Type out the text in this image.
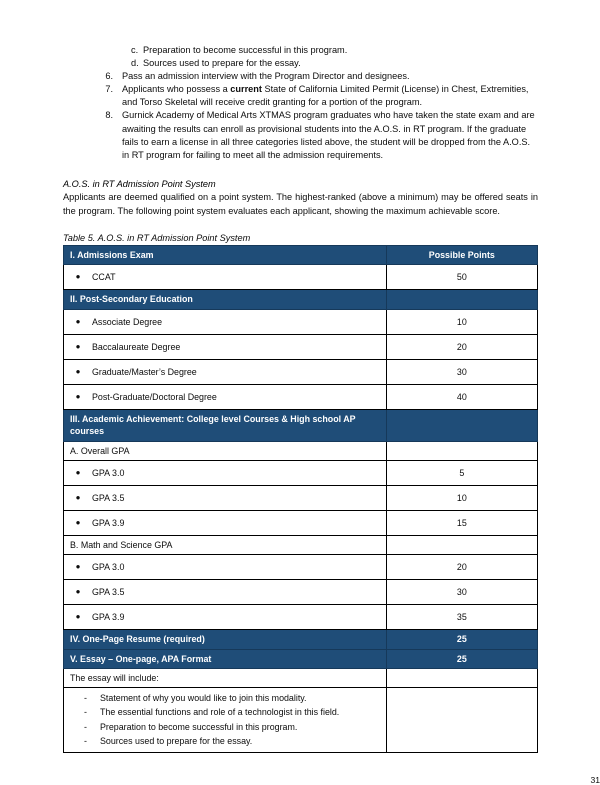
c. Preparation to become successful in this program.
d. Sources used to prepare for the essay.
6. Pass an admission interview with the Program Director and designees.
7. Applicants who possess a current State of California Limited Permit (License) in Chest, Extremities, and Torso Skeletal will receive credit granting for a portion of the program.
8. Gurnick Academy of Medical Arts XTMAS program graduates who have taken the state exam and are awaiting the results can enroll as provisional students into the A.O.S. in RT program. If the graduate fails to earn a license in all three categories listed above, the student will be dropped from the A.O.S. in RT program for failing to meet all the admission requirements.
A.O.S. in RT Admission Point System
Applicants are deemed qualified on a point system. The highest-ranked (above a minimum) may be offered seats in the program. The following point system evaluates each applicant, showing the maximum achievable score.
Table 5. A.O.S. in RT Admission Point System
I. Admissions Exam	Possible Points

● CCAT	50

II. Post-Secondary Education	

● Associate Degree	10

● Baccalaureate Degree	20

● Graduate/Master’s Degree	30

● Post-Graduate/Doctoral Degree	40

III. Academic Achievement: College level Courses & High school AP courses	

A. Overall GPA	

● GPA 3.0	5

● GPA 3.5	10

● GPA 3.9	15

B. Math and Science GPA	

● GPA 3.0	20

● GPA 3.5	30

● GPA 3.9	35

IV. One-Page Resume (required)	25

V. Essay – One-page, APA Format	25

The essay will include:	

-	Statement of why you would like to join this modality.
-	The essential functions and role of a technologist in this field.
-	Preparation to become successful in this program.
-	Sources used to prepare for the essay.

31
